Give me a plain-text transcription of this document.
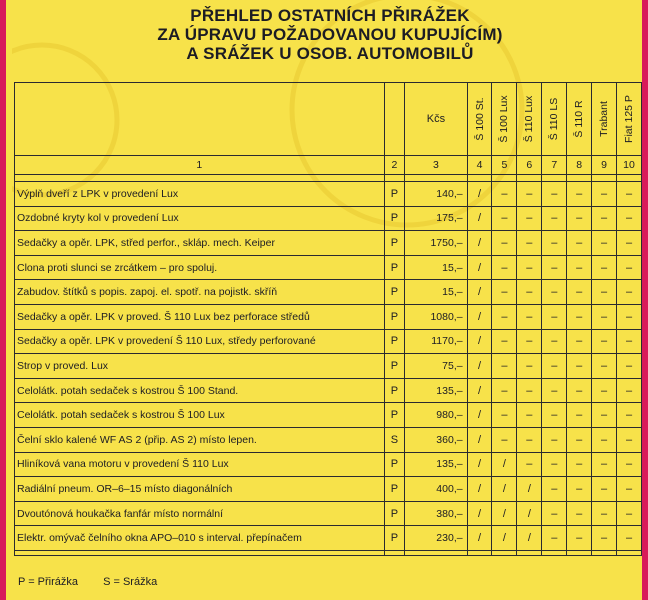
PŘEHLED OSTATNÍCH PŘIRÁŽEK
ZA ÚPRAVU POŽADOVANOU KUPUJÍCÍM)
A SRÁŽEK U OSOB. AUTOMOBILŮ
		Kčs	Š 100 St.	Š 100 Lux	Š 110 Lux	Š 110 LS	Š 110 R	Trabant	Fiat 125 P

1	2	3	4	5	6	7	8	9	10

Výplň dveří z LPK v provedení Lux	P	140,–	/	–	–	–	–	–	–
Ozdobné kryty kol v provedení Lux	P	175,–	/	–	–	–	–	–	–
Sedačky a opěr. LPK, střed perfor., skláp. mech. Keiper	P	1750,–	/	–	–	–	–	–	–
Clona proti slunci se zrcátkem – pro spoluj.	P	15,–	/	–	–	–	–	–	–
Zabudov. štítků s popis. zapoj. el. spotř. na pojistk. skříň	P	15,–	/	–	–	–	–	–	–
Sedačky a opěr. LPK v proved. Š 110 Lux bez perforace středů	P	1080,–	/	–	–	–	–	–	–
Sedačky a opěr. LPK v provedení Š 110 Lux, středy perforované	P	1170,–	/	–	–	–	–	–	–
Strop v proved. Lux	P	75,–	/	–	–	–	–	–	–
Celolátk. potah sedaček s kostrou Š 100 Stand.	P	135,–	/	–	–	–	–	–	–
Celolátk. potah sedaček s kostrou Š 100 Lux	P	980,–	/	–	–	–	–	–	–
Čelní sklo kalené WF AS 2 (přip. AS 2) místo lepen.	S	360,–	/	–	–	–	–	–	–
Hliníková vana motoru v provedení Š 110 Lux	P	135,–	/	/	–	–	–	–	–
Radiální pneum. OR–6–15 místo diagonálních	P	400,–	/	/	/	–	–	–	–
Dvoutónová houkačka fanfár místo normální	P	380,–	/	/	/	–	–	–	–
Elektr. omývač čelního okna APO–010 s interval. přepínačem	P	230,–	/	/	/	–	–	–	–

P = Přirážka S = Srážka
